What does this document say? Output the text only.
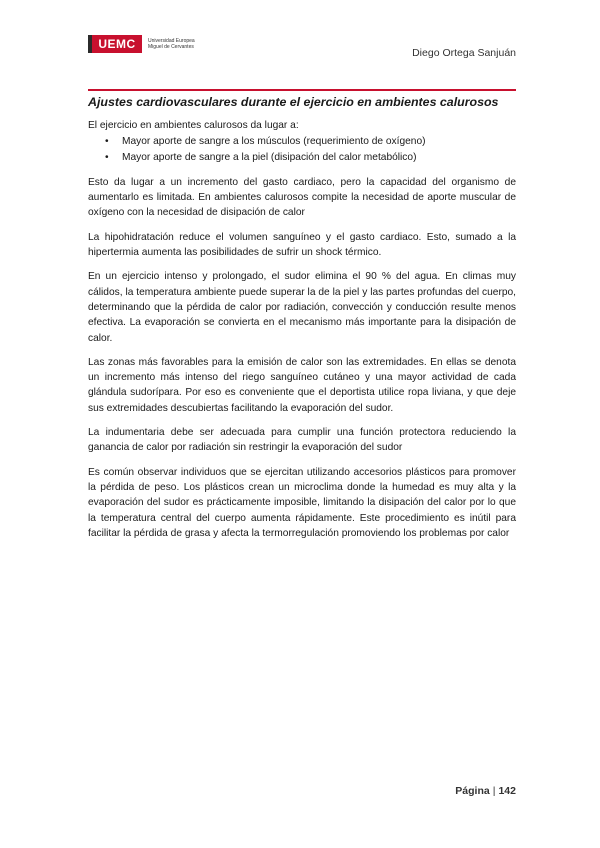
UEMC	Universidad Europea Miguel de Cervantes	Diego Ortega Sanjuán
Ajustes cardiovasculares durante el ejercicio en ambientes calurosos

El ejercicio en ambientes calurosos da lugar a:

• Mayor aporte de sangre a los músculos (requerimiento de oxígeno)
• Mayor aporte de sangre a la piel (disipación del calor metabólico)

Esto da lugar a un incremento del gasto cardiaco, pero la capacidad del organismo de aumentarlo es limitada. En ambientes calurosos compite la necesidad de aporte muscular de oxígeno con la necesidad de disipación de calor

La hipohidratación reduce el volumen sanguíneo y el gasto cardiaco. Esto, sumado a la hipertermia aumenta las posibilidades de sufrir un shock térmico.

En un ejercicio intenso y prolongado, el sudor elimina el 90 % del agua. En climas muy cálidos, la temperatura ambiente puede superar la de la piel y las partes profundas del cuerpo, determinando que la pérdida de calor por radiación, convección y conducción resulte menos efectiva. La evaporación se convierta en el mecanismo más importante para la disipación de calor.

Las zonas más favorables para la emisión de calor son las extremidades. En ellas se denota un incremento más intenso del riego sanguíneo cutáneo y una mayor actividad de cada glándula sudorípara. Por eso es conveniente que el deportista utilice ropa liviana, y que deje sus extremidades descubiertas facilitando la evaporación del sudor.

La indumentaria debe ser adecuada para cumplir una función protectora reduciendo la ganancia de calor por radiación sin restringir la evaporación del sudor

Es común observar individuos que se ejercitan utilizando accesorios plásticos para promover la pérdida de peso. Los plásticos crean un microclima donde la humedad es muy alta y la evaporación del sudor es prácticamente imposible, limitando la disipación del calor por lo que la temperatura central del cuerpo aumenta rápidamente. Este procedimiento es inútil para facilitar la pérdida de grasa y afecta la termorregulación promoviendo los problemas por calor

Página | 142
